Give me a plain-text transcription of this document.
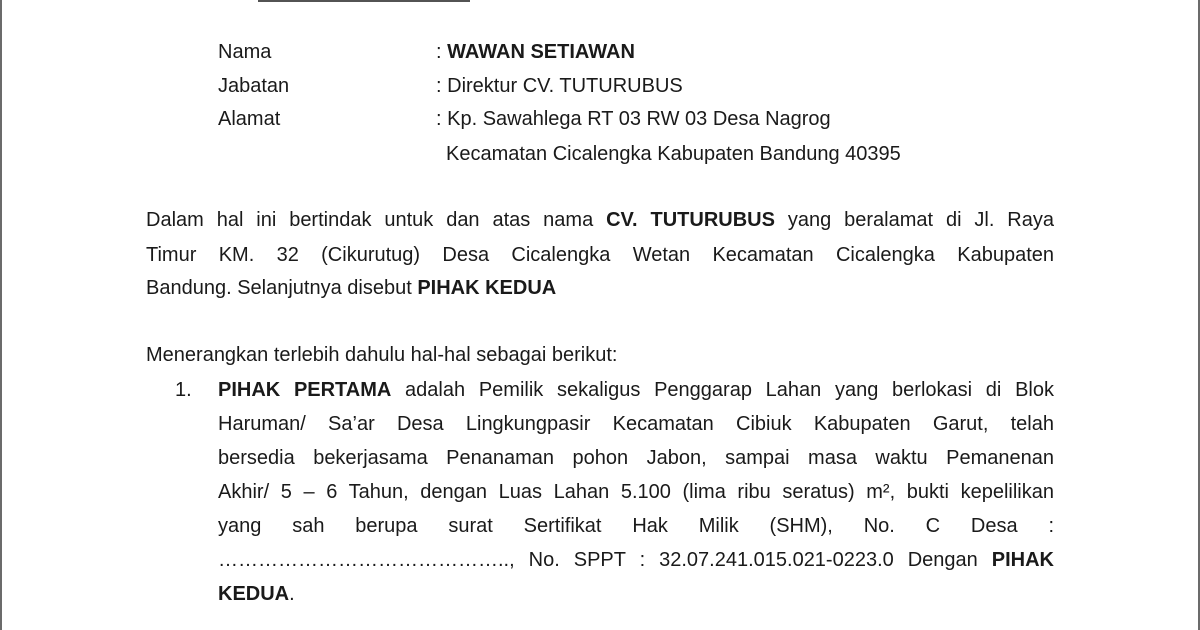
Nama	: WAWAN SETIAWAN
Jabatan	: Direktur CV. TUTURUBUS
Alamat	: Kp. Sawahlega RT 03 RW 03 Desa Nagrog
Kecamatan Cicalengka Kabupaten Bandung 40395
Dalam hal ini bertindak untuk dan atas nama CV. TUTURUBUS yang beralamat di Jl. Raya
Timur KM. 32 (Cikurutug) Desa Cicalengka Wetan Kecamatan Cicalengka Kabupaten
Bandung. Selanjutnya disebut PIHAK KEDUA
Menerangkan terlebih dahulu hal-hal sebagai berikut:
1. PIHAK PERTAMA adalah Pemilik sekaligus Penggarap Lahan yang berlokasi di Blok
Haruman/ Sa’ar Desa Lingkungpasir Kecamatan Cibiuk Kabupaten Garut, telah
bersedia bekerjasama Penanaman pohon Jabon, sampai masa waktu Pemanenan
Akhir/ 5 – 6 Tahun, dengan Luas Lahan 5.100 (lima ribu seratus) m², bukti kepelilikan
yang sah berupa surat Sertifikat Hak Milik (SHM), No. C Desa :
…………………………………….., No. SPPT : 32.07.241.015.021-0223.0 Dengan PIHAK
KEDUA.
